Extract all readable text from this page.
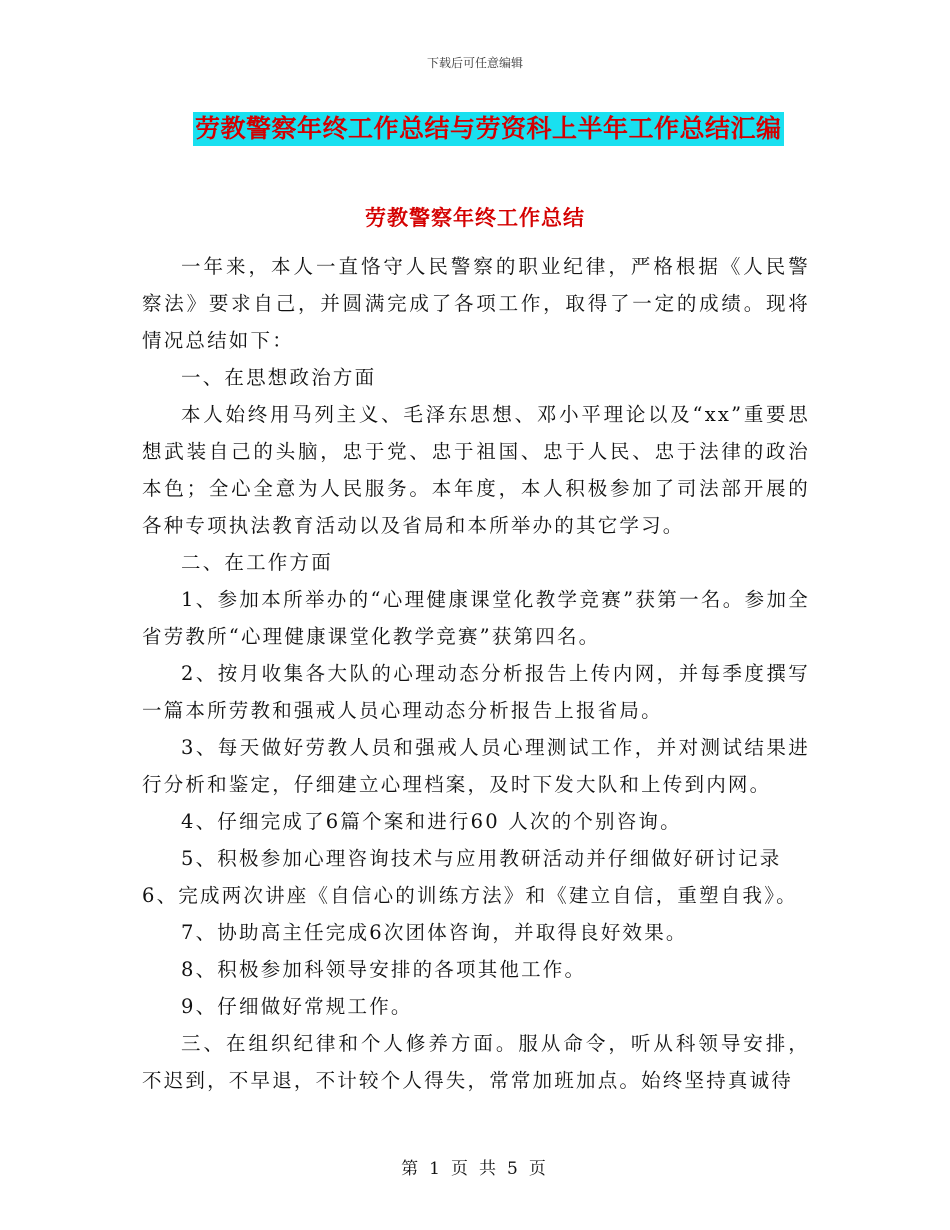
下载后可任意编辑
劳教警察年终工作总结与劳资科上半年工作总结汇编
劳教警察年终工作总结

一年来，本人一直恪守人民警察的职业纪律，严格根据《人民警察法》要求自己，并圆满完成了各项工作，取得了一定的成绩。现将情况总结如下：

一、在思想政治方面

本人始终用马列主义、毛泽东思想、邓小平理论以及“xx”重要思想武装自己的头脑，忠于党、忠于祖国、忠于人民、忠于法律的政治本色；全心全意为人民服务。本年度，本人积极参加了司法部开展的各种专项执法教育活动以及省局和本所举办的其它学习。

二、在工作方面

1、参加本所举办的“心理健康课堂化教学竞赛”获第一名。参加全省劳教所“心理健康课堂化教学竞赛”获第四名。

2、按月收集各大队的心理动态分析报告上传内网，并每季度撰写一篇本所劳教和强戒人员心理动态分析报告上报省局。

3、每天做好劳教人员和强戒人员心理测试工作，并对测试结果进行分析和鉴定，仔细建立心理档案，及时下发大队和上传到内网。

4、仔细完成了6篇个案和进行60 人次的个别咨询。

5、积极参加心理咨询技术与应用教研活动并仔细做好研讨记录

6、完成两次讲座《自信心的训练方法》和《建立自信，重塑自我》。

7、协助高主任完成6次团体咨询，并取得良好效果。

8、积极参加科领导安排的各项其他工作。

9、仔细做好常规工作。

三、在组织纪律和个人修养方面。服从命令，听从科领导安排，不迟到，不早退，不计较个人得失，常常加班加点。始终坚持真诚待

第 1 页 共 5 页
